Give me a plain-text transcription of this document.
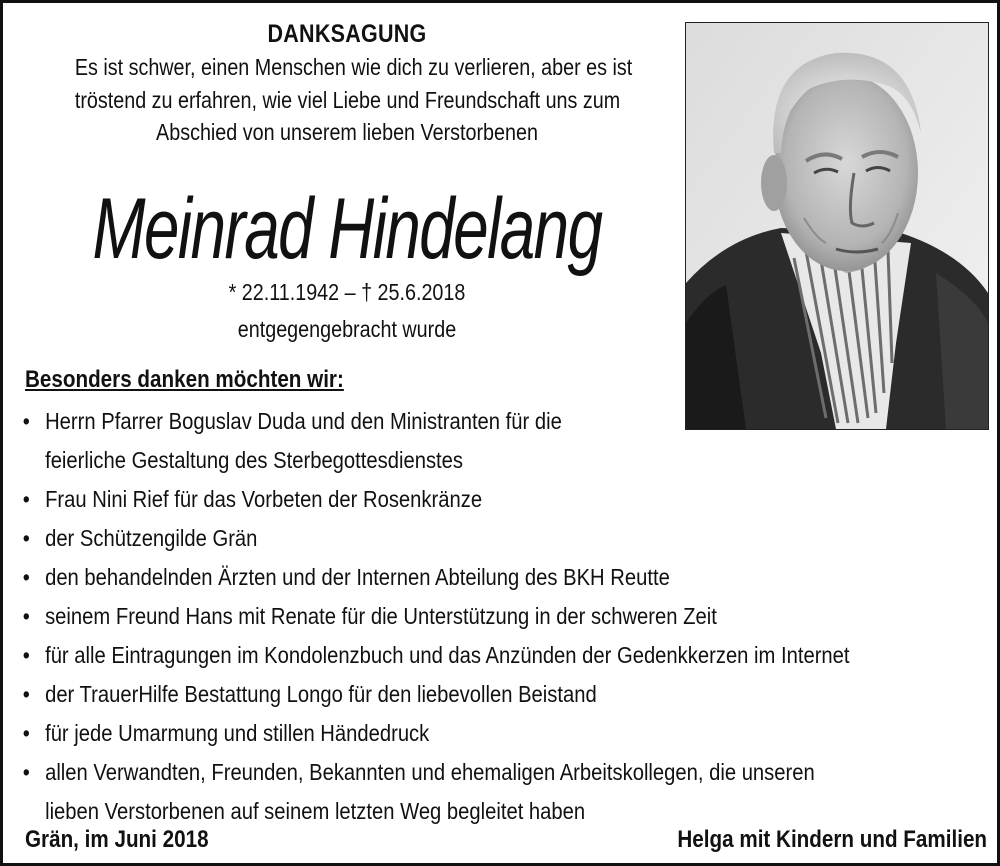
DANKSAGUNG
Es ist schwer, einen Menschen wie dich zu verlieren, aber es ist
tröstend zu erfahren, wie viel Liebe und Freundschaft uns zum
Abschied von unserem lieben Verstorbenen
Meinrad Hindelang
* 22.11.1942 – † 25.6.2018
entgegengebracht wurde
Besonders danken möchten wir:
• Herrn Pfarrer Boguslav Duda und den Ministranten für die
feierliche Gestaltung des Sterbegottesdienstes
• Frau Nini Rief für das Vorbeten der Rosenkränze
• der Schützengilde Grän
• den behandelnden Ärzten und der Internen Abteilung des BKH Reutte
• seinem Freund Hans mit Renate für die Unterstützung in der schweren Zeit
• für alle Eintragungen im Kondolenzbuch und das Anzünden der Gedenkkerzen im Internet
• der TrauerHilfe Bestattung Longo für den liebevollen Beistand
• für jede Umarmung und stillen Händedruck
• allen Verwandten, Freunden, Bekannten und ehemaligen Arbeitskollegen, die unseren
lieben Verstorbenen auf seinem letzten Weg begleitet haben
Grän, im Juni 2018	Helga mit Kindern und Familien
